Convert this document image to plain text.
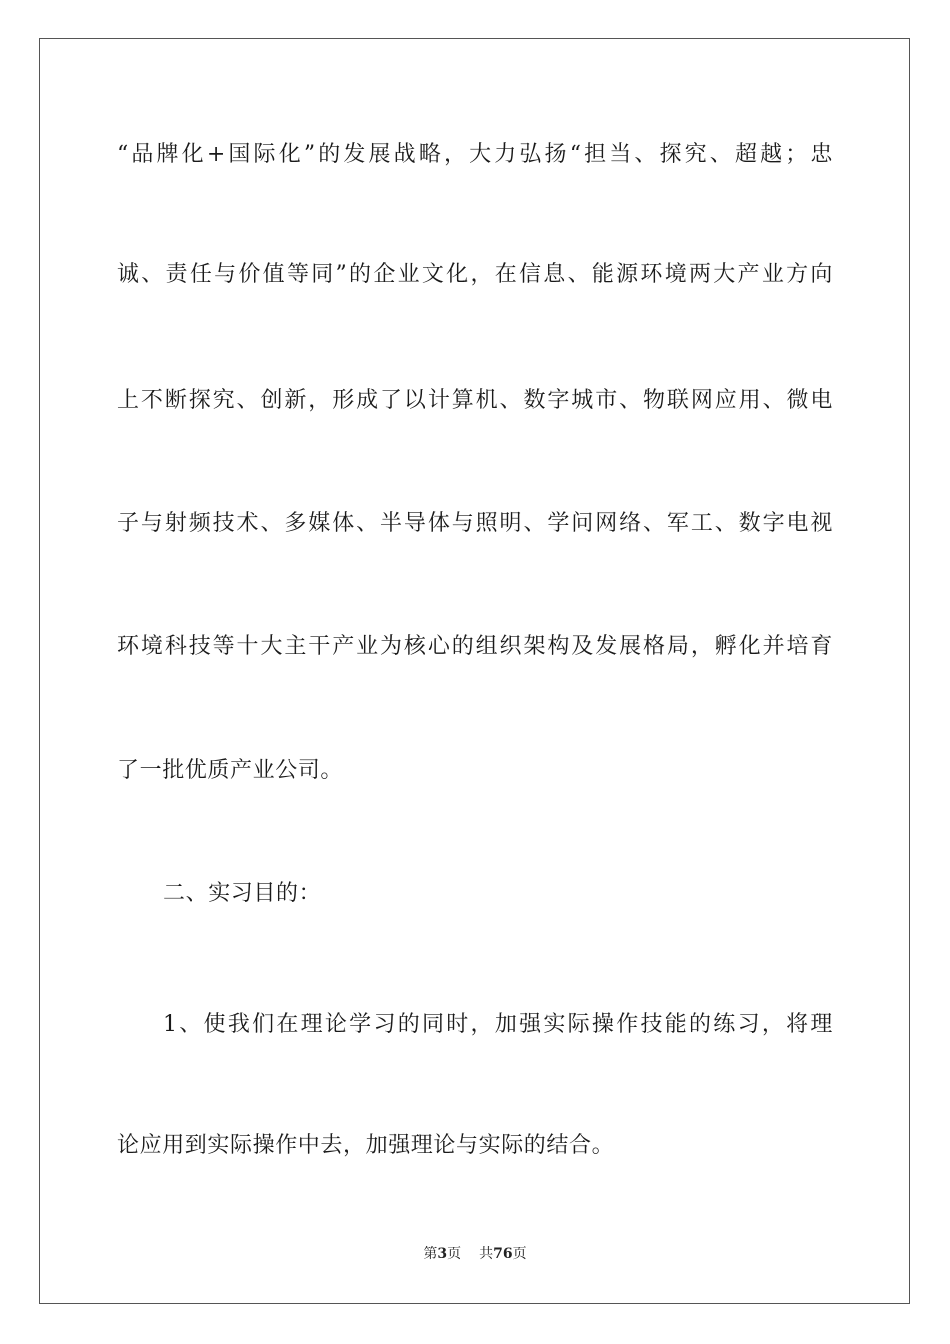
“品牌化+国际化”的发展战略，大力弘扬“担当、探究、超越；忠
诚、责任与价值等同”的企业文化，在信息、能源环境两大产业方向
上不断探究、创新，形成了以计算机、数字城市、物联网应用、微电
子与射频技术、多媒体、半导体与照明、学问网络、军工、数字电视
环境科技等十大主干产业为核心的组织架构及发展格局，孵化并培育
了一批优质产业公司。
二、实习目的：
1、使我们在理论学习的同时，加强实际操作技能的练习，将理
论应用到实际操作中去，加强理论与实际的结合。
第3页 共76页
